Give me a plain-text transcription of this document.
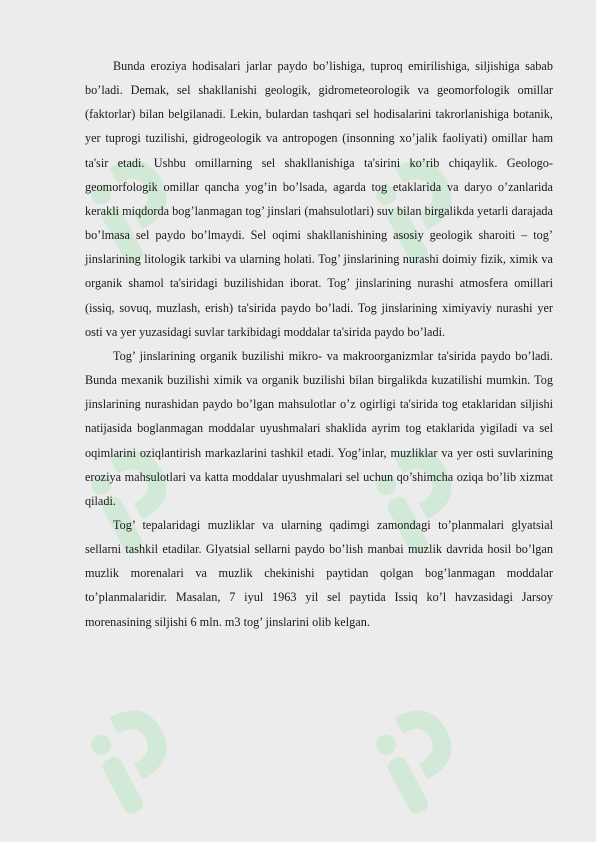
Bunda eroziya hodisalari jarlar paydo bo’lishiga, tuproq emirilishiga, siljishiga sabab bo’ladi. Demak, sel shakllanishi geologik, gidrometeorologik va geomorfologik omillar (faktorlar) bilan belgilanadi. Lekin, bulardan tashqari sel hodisalarini takrorlanishiga botanik, yer tuprogi tuzilishi, gidrogeologik va antropogen (insonning xo’jalik faoliyati) omillar ham ta'sir etadi. Ushbu omillarning sel shakllanishiga ta'sirini ko’rib chiqaylik. Geologo-geomorfologik omillar qancha yog’in bo’lsada, agarda tog etaklarida va daryo o’zanlarida kerakli miqdorda bog’lanmagan tog’ jinslari (mahsulotlari) suv bilan birgalikda yetarli darajada bo’lmasa sel paydo bo’lmaydi. Sel oqimi shakllanishining asosiy geologik sharoiti – tog’ jinslarining litologik tarkibi va ularning holati. Tog’ jinslarining nurashi doimiy fizik, ximik va organik shamol ta'siridagi buzilishidan iborat. Tog’ jinslarining nurashi atmosfera omillari (issiq, sovuq, muzlash, erish) ta'sirida paydo bo’ladi. Tog jinslarining ximiyaviy nurashi yer osti va yer yuzasidagi suvlar tarkibidagi moddalar ta'sirida paydo bo’ladi.

Tog’ jinslarining organik buzilishi mikro- va makroorganizmlar ta'sirida paydo bo’ladi. Bunda mexanik buzilishi ximik va organik buzilishi bilan birgalikda kuzatilishi mumkin. Tog jinslarining nurashidan paydo bo’lgan mahsulotlar o’z ogirligi ta'sirida tog etaklaridan siljishi natijasida boglanmagan moddalar uyushmalari shaklida ayrim tog etaklarida yigiladi va sel oqimlarini oziqlantirish markazlarini tashkil etadi. Yog’inlar, muzliklar va yer osti suvlarining eroziya mahsulotlari va katta moddalar uyushmalari sel uchun qo’shimcha oziqa bo’lib xizmat qiladi.

Tog’ tepalaridagi muzliklar va ularning qadimgi zamondagi to’planmalari glyatsial sellarni tashkil etadilar. Glyatsial sellarni paydo bo’lish manbai muzlik davrida hosil bo’lgan muzlik morenalari va muzlik chekinishi paytidan qolgan bog’lanmagan moddalar to’planmalaridir. Masalan, 7 iyul 1963 yil sel paytida Issiq ko’l havzasidagi Jarsoy morenasining siljishi 6 mln. m3 tog’ jinslarini olib kelgan.
